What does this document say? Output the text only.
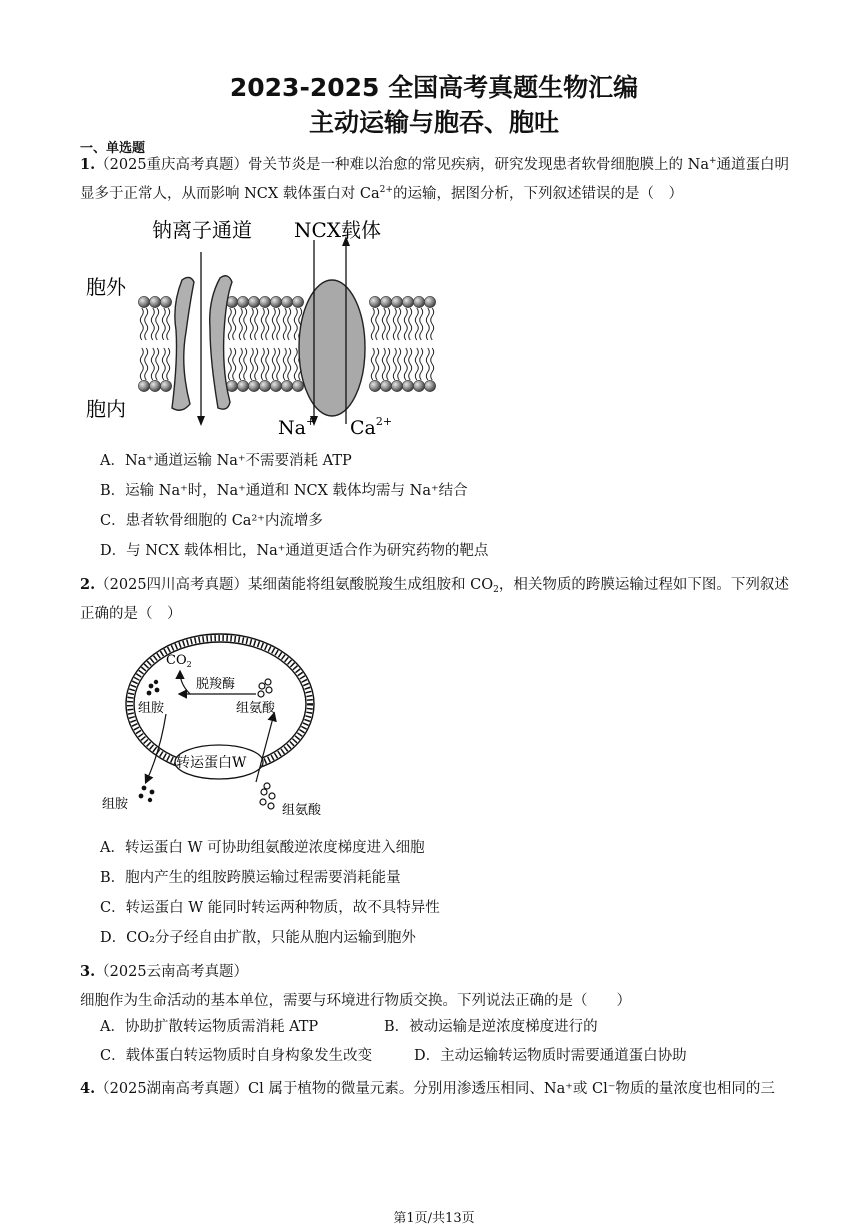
2023-2025 全国高考真题生物汇编
主动运输与胞吞、胞吐
一、单选题
1.（2025重庆高考真题）骨关节炎是一种难以治愈的常见疾病，研究发现患者软骨细胞膜上的 Na+通道蛋白明显多于正常人，从而影响 NCX 载体蛋白对 $Ca^{2+}$的运输，据图分析，下列叙述错误的是（　）
钠离子通道 NCX载体
胞外
胞内
Na+ $Ca^{2+}$
A．Na⁺通道运输 Na⁺不需要消耗 ATP
B．运输 Na⁺时，Na⁺通道和 NCX 载体均需与 Na⁺结合
C．患者软骨细胞的 Ca²⁺内流增多
D．与 NCX 载体相比，Na⁺通道更适合作为研究药物的靶点
2.（2025四川高考真题）某细菌能将组氨酸脱羧生成组胺和 $CO_2$，相关物质的跨膜运输过程如下图。下列叙述正确的是（　）
转运蛋白W
$CO_2$
脱羧酶
组胺	组氨酸
组胺	组氨酸
A．转运蛋白 W 可协助组氨酸逆浓度梯度进入细胞
B．胞内产生的组胺跨膜运输过程需要消耗能量
C．转运蛋白 W 能同时转运两种物质，故不具特异性
D．CO₂分子经自由扩散，只能从胞内运输到胞外
3.（2025云南高考真题）细胞作为生命活动的基本单位，需要与环境进行物质交换。下列说法正确的是（　　）
A．协助扩散转运物质需消耗 ATP	B．被动运输是逆浓度梯度进行的
C．载体蛋白转运物质时自身构象发生改变	D．主动运输转运物质时需要通道蛋白协助
4.（2025湖南高考真题）Cl 属于植物的微量元素。分别用渗透压相同、Na⁺或 Cl⁻物质的量浓度也相同的三
第1页/共13页
